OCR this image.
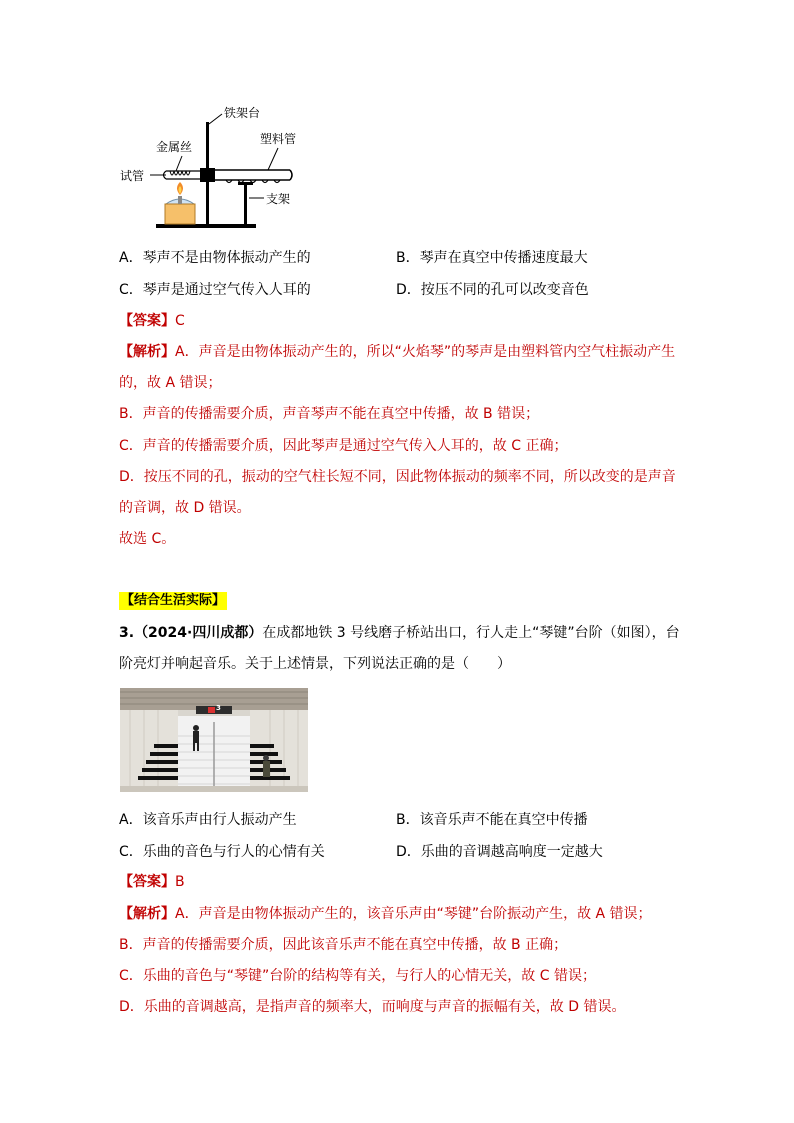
铁架台
金属丝
塑料管
试管
支架
A．琴声不是由物体振动产生的	B．琴声在真空中传播速度最大
C．琴声是通过空气传入人耳的	D．按压不同的孔可以改变音色
【答案】C
【解析】A．声音是由物体振动产生的，所以“火焰琴”的琴声是由塑料管内空气柱振动产生
的，故 A 错误；
B．声音的传播需要介质，声音琴声不能在真空中传播，故 B 错误；
C．声音的传播需要介质，因此琴声是通过空气传入人耳的，故 C 正确；
D．按压不同的孔，振动的空气柱长短不同，因此物体振动的频率不同，所以改变的是声音
的音调，故 D 错误。
故选 C。
【结合生活实际】
3.（2024·四川成都）在成都地铁 3 号线磨子桥站出口，行人走上“琴键”台阶（如图），台
阶亮灯并响起音乐。关于上述情景，下列说法正确的是（　　）
3
A．该音乐声由行人振动产生	B．该音乐声不能在真空中传播
C．乐曲的音色与行人的心情有关	D．乐曲的音调越高响度一定越大
【答案】B
【解析】A．声音是由物体振动产生的，该音乐声由“琴键”台阶振动产生，故 A 错误；
B．声音的传播需要介质，因此该音乐声不能在真空中传播，故 B 正确；
C．乐曲的音色与“琴键”台阶的结构等有关，与行人的心情无关，故 C 错误；
D．乐曲的音调越高，是指声音的频率大，而响度与声音的振幅有关，故 D 错误。
